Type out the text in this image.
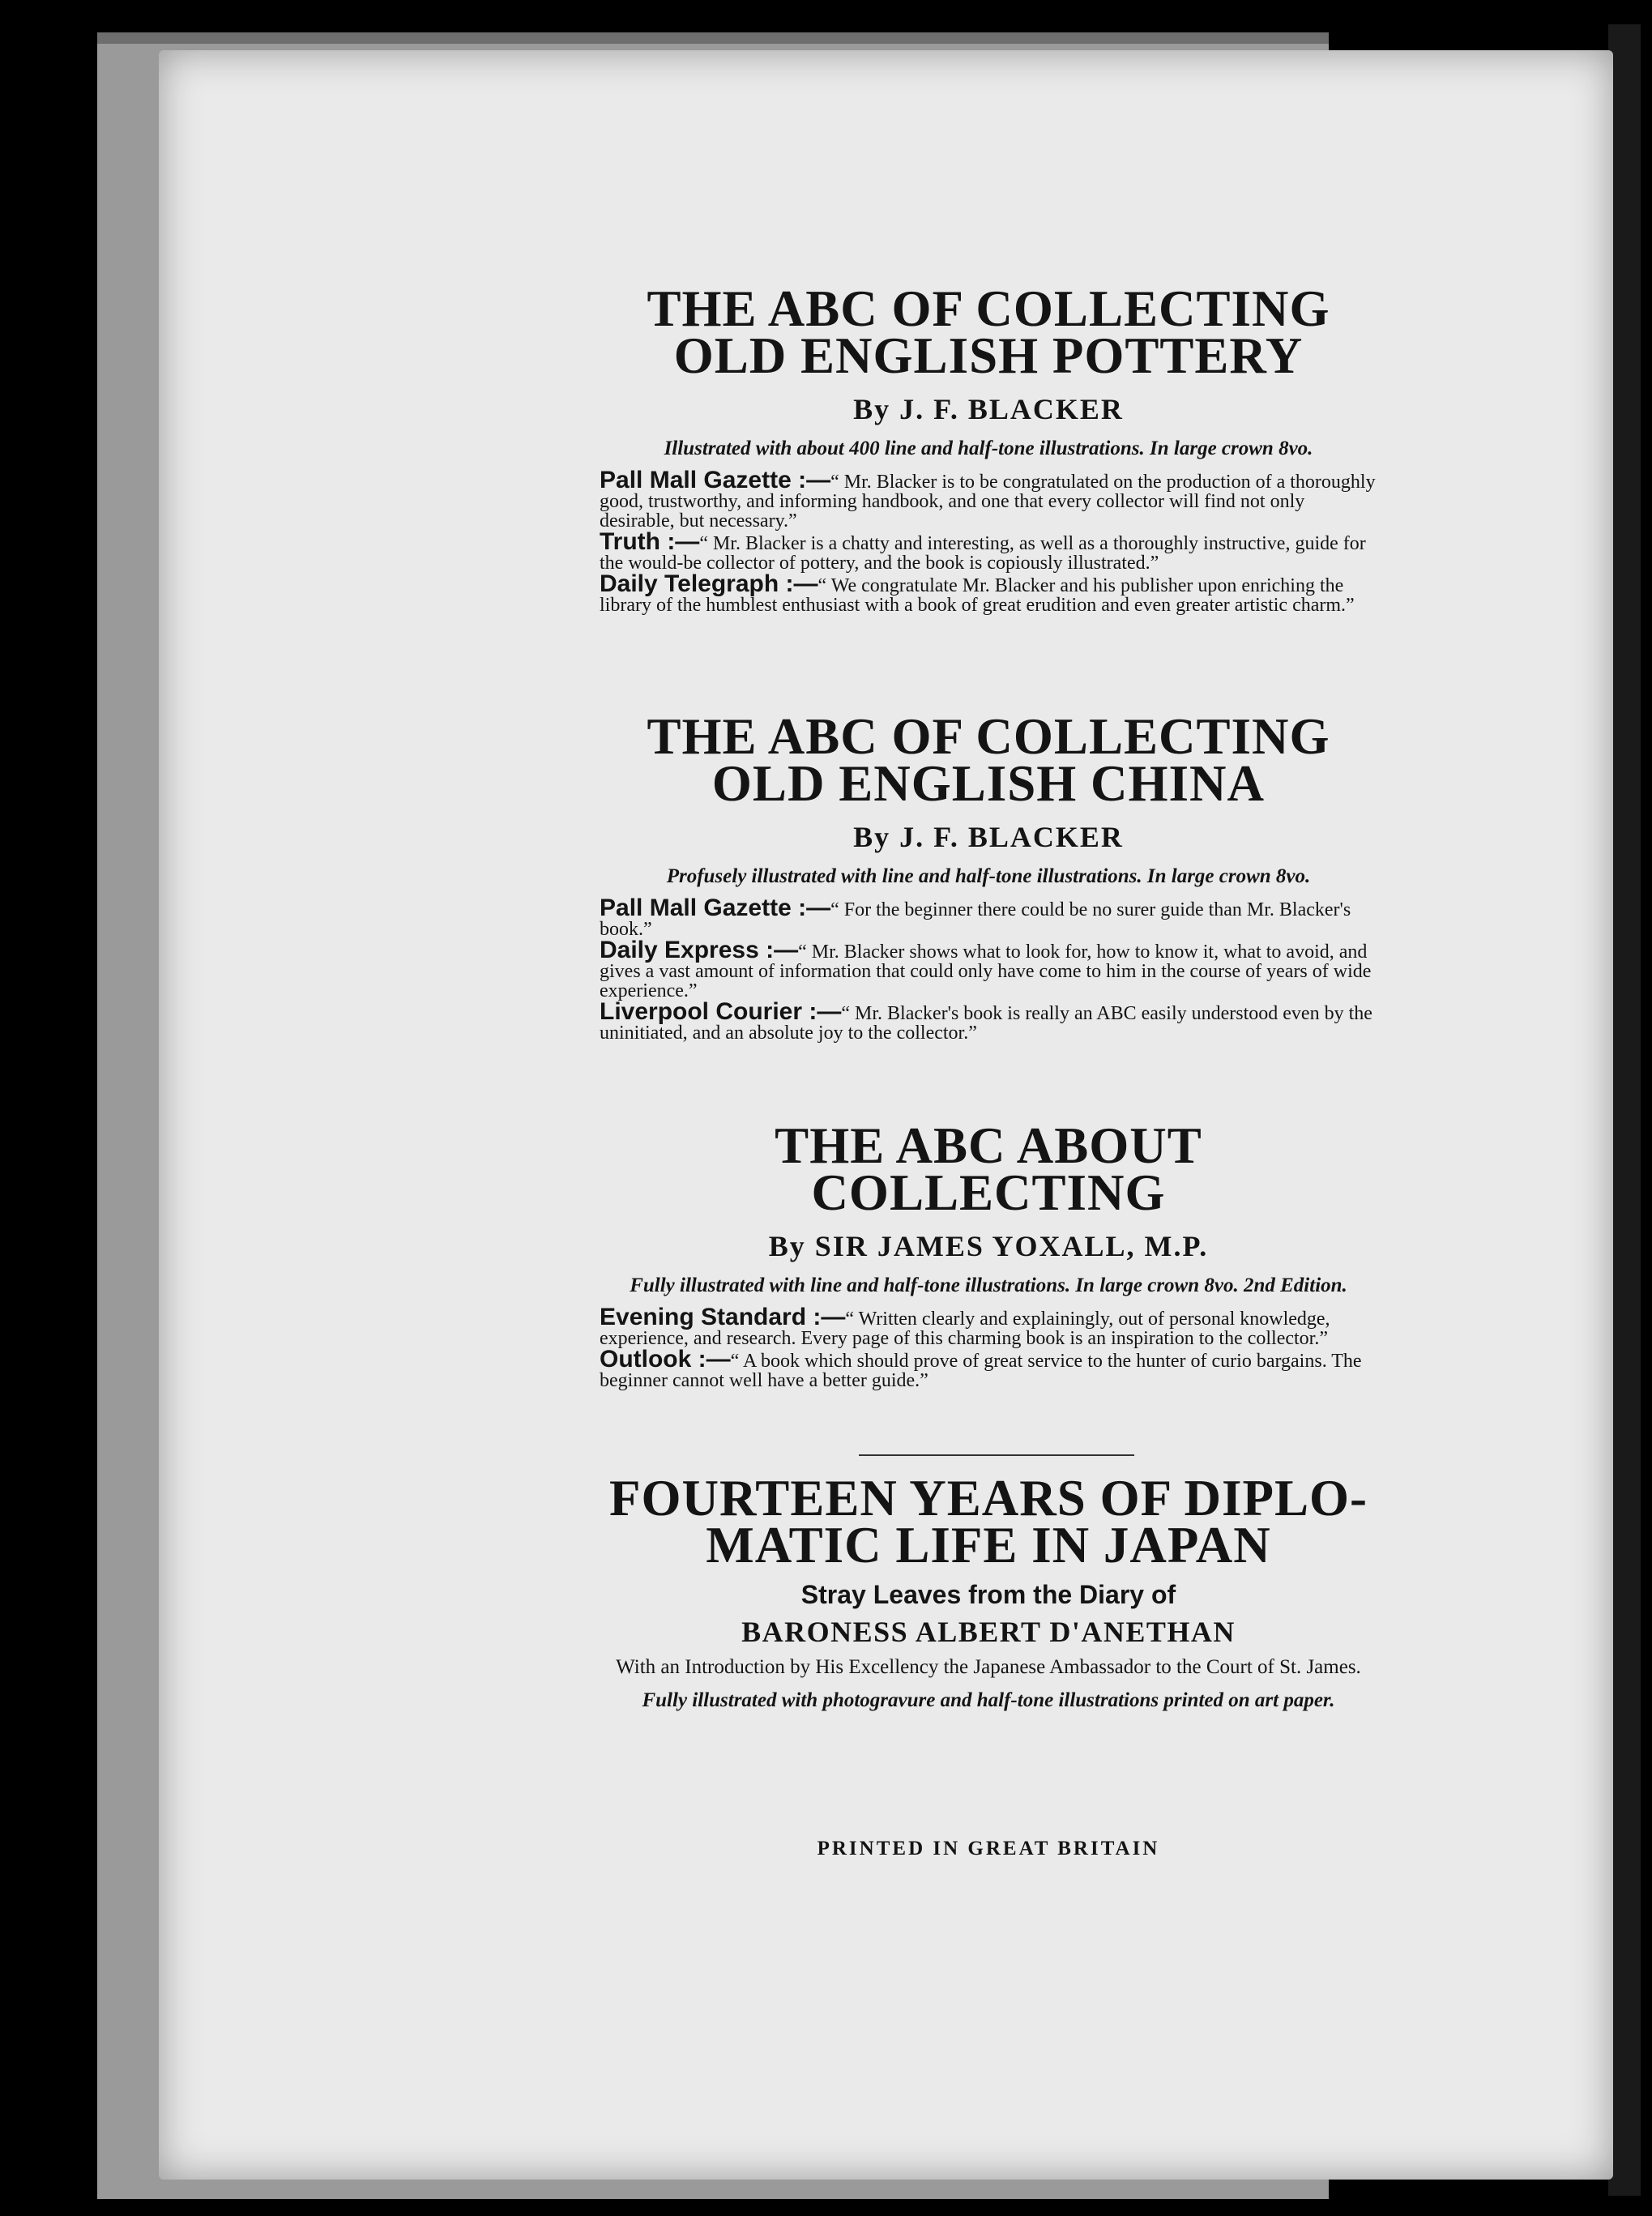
THE ABC OF COLLECTING
OLD ENGLISH POTTERY
By J. F. BLACKER
Illustrated with about 400 line and half-tone illustrations. In large crown 8vo.

Pall Mall Gazette :—“ Mr. Blacker is to be congratulated on the production of a thoroughly good, trustworthy, and informing handbook, and one that every collector will find not only desirable, but necessary.”

Truth :—“ Mr. Blacker is a chatty and interesting, as well as a thoroughly instructive, guide for the would-be collector of pottery, and the book is copiously illustrated.”

Daily Telegraph :—“ We congratulate Mr. Blacker and his publisher upon enriching the library of the humblest enthusiast with a book of great erudition and even greater artistic charm.”

THE ABC OF COLLECTING
OLD ENGLISH CHINA
By J. F. BLACKER
Profusely illustrated with line and half-tone illustrations. In large crown 8vo.

Pall Mall Gazette :—“ For the beginner there could be no surer guide than Mr. Blacker's book.”

Daily Express :—“ Mr. Blacker shows what to look for, how to know it, what to avoid, and gives a vast amount of information that could only have come to him in the course of years of wide experience.”

Liverpool Courier :—“ Mr. Blacker's book is really an ABC easily understood even by the uninitiated, and an absolute joy to the collector.”

THE ABC ABOUT
COLLECTING
By SIR JAMES YOXALL, M.P.
Fully illustrated with line and half-tone illustrations. In large crown 8vo. 2nd Edition.

Evening Standard :—“ Written clearly and explainingly, out of personal knowledge, experience, and research. Every page of this charming book is an inspiration to the collector.”

Outlook :—“ A book which should prove of great service to the hunter of curio bargains. The beginner cannot well have a better guide.”

FOURTEEN YEARS OF DIPLO-
MATIC LIFE IN JAPAN
Stray Leaves from the Diary of
BARONESS ALBERT D'ANETHAN
With an Introduction by His Excellency the Japanese Ambassador to the Court of St. James.
Fully illustrated with photogravure and half-tone illustrations printed on art paper.
PRINTED IN GREAT BRITAIN
